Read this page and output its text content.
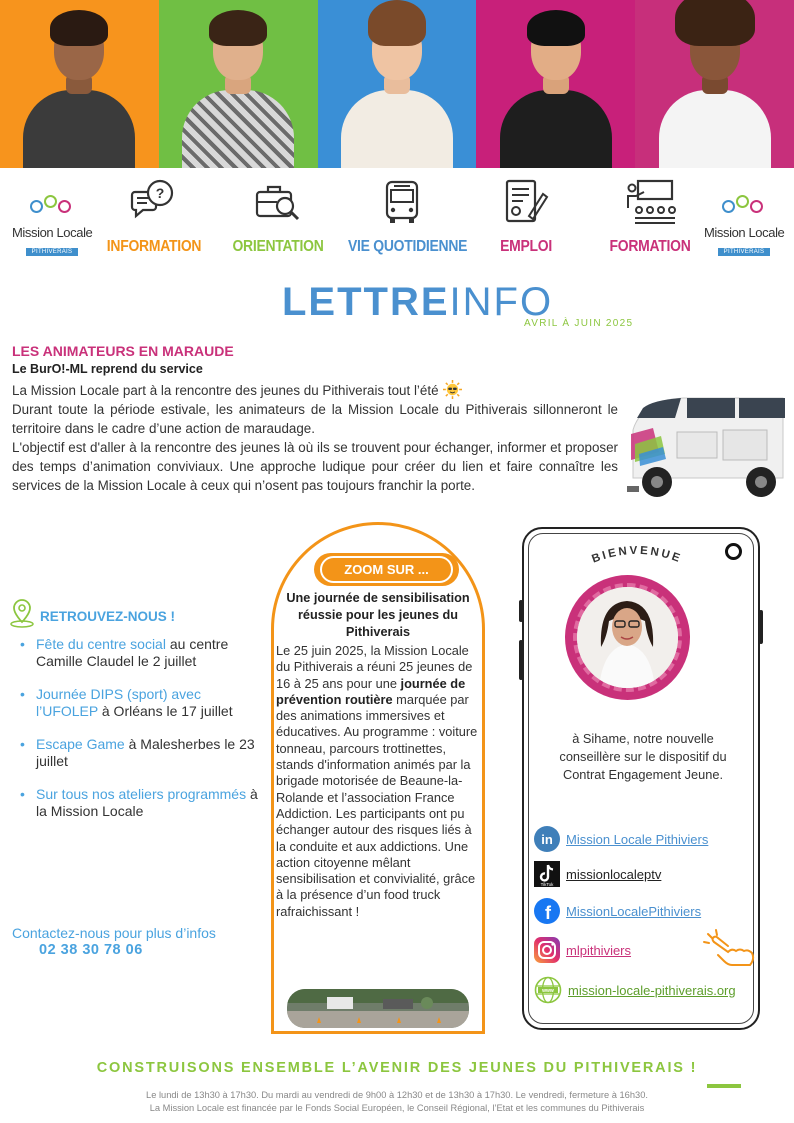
Mission Locale
PITHIVERAIS
?
INFORMATION	ORIENTATION	VIE QUOTIDIENNE	EMPLOI	FORMATION
Mission Locale
PITHIVERAIS
LETTREINFO
AVRIL À JUIN 2025
LES ANIMATEURS EN MARAUDE
Le BurO!-ML reprend du service

La Mission Locale part à la rencontre des jeunes du Pithiverais tout l’été

Durant toute la période estivale, les animateurs de la Mission Locale du Pithiverais sillonneront le territoire dans le cadre d’une action de maraudage.

L'objectif est d'aller à la rencontre des jeunes là où ils se trouvent pour échanger, informer et proposer des temps d’animation conviviaux. Une approche ludique pour créer du lien et faire connaître les services de la Mission Locale à ceux qui n’osent pas toujours franchir la porte.

RETROUVEZ-NOUS !
• Fête du centre social au centre Camille Claudel le 2 juillet
• Journée DIPS (sport) avec l’UFOLEP à Orléans le 17 juillet
• Escape Game à Malesherbes le 23 juillet
• Sur tous nos ateliers programmés à la Mission Locale
Contactez-nous pour plus d’infos
02 38 30 78 06
ZOOM SUR ...
Une journée de sensibilisation réussie pour les jeunes du Pithiverais
Le 25 juin 2025, la Mission Locale du Pithiverais a réuni 25 jeunes de 16 à 25 ans pour une journée de prévention routière marquée par des animations immersives et éducatives. Au programme : voiture tonneau, parcours trottinettes, stands d'information animés par la brigade motorisée de Beaune-la-Rolande et l’association France Addiction. Les participants ont pu échanger autour des risques liés à la conduite et aux addictions. Une action citoyenne mêlant sensibilisation et convivialité, grâce à la présence d’un food truck rafraichissant !
BIENVENUE
à Sihame, notre nouvelle conseillère sur le dispositif du Contrat Engagement Jeune.
in Mission Locale Pithiviers
TikTok
missionlocaleptv
f MissionLocalePithiviers
mlpithiviers
www mission-locale-pithiverais.org
CONSTRUISONS ENSEMBLE L’AVENIR DES JEUNES DU PITHIVERAIS !
Le lundi de 13h30 à 17h30. Du mardi au vendredi de 9h00 à 12h30 et de 13h30 à 17h30. Le vendredi, fermeture à 16h30.
La Mission Locale est financée par le Fonds Social Européen, le Conseil Régional, l’Etat et les communes du Pithiverais
